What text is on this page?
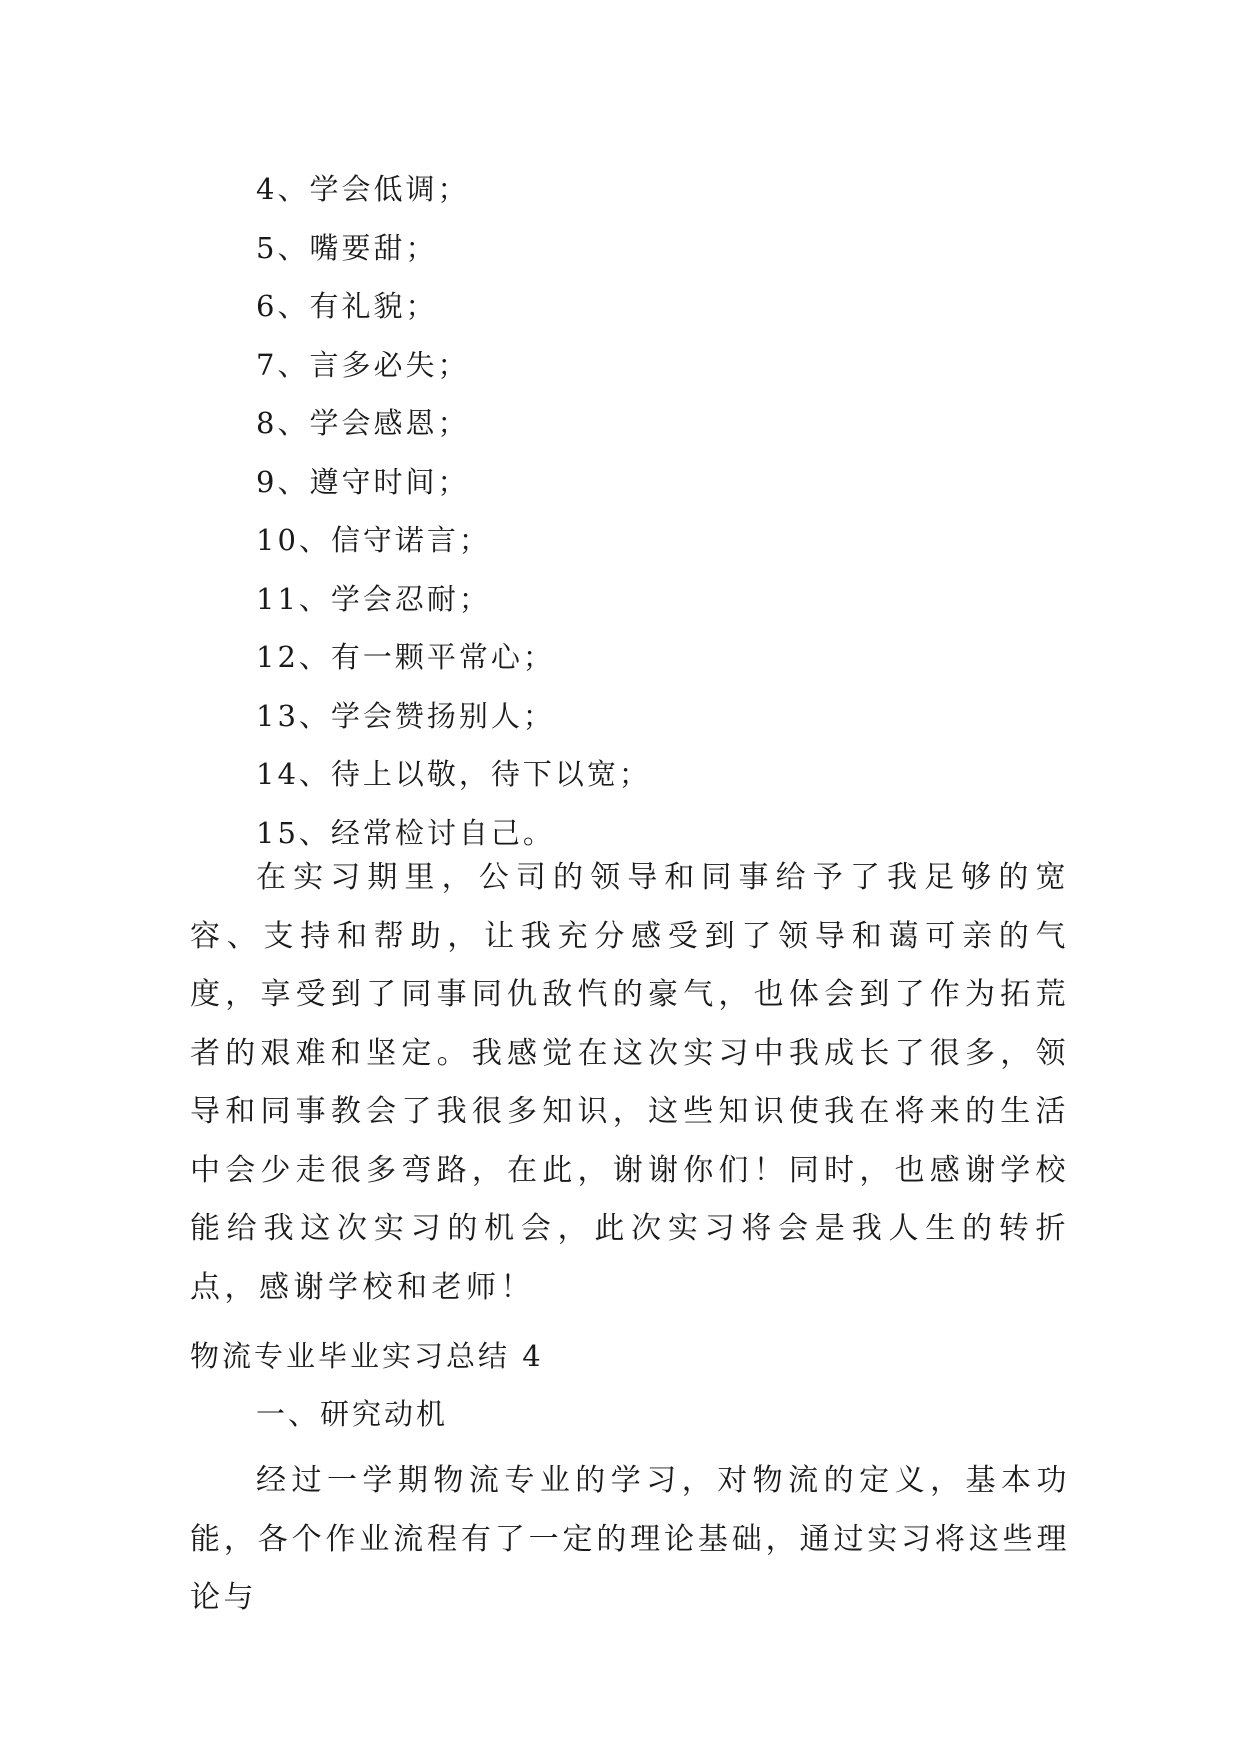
4、学会低调；
5、嘴要甜；
6、有礼貌；
7、言多必失；
8、学会感恩；
9、遵守时间；
10、信守诺言；
11、学会忍耐；
12、有一颗平常心；
13、学会赞扬别人；
14、待上以敬，待下以宽；
15、经常检讨自己。

在实习期里，公司的领导和同事给予了我足够的宽容、支持和帮助，让我充分感受到了领导和蔼可亲的气度，享受到了同事同仇敌忾的豪气，也体会到了作为拓荒者的艰难和坚定。我感觉在这次实习中我成长了很多，领导和同事教会了我很多知识，这些知识使我在将来的生活中会少走很多弯路，在此，谢谢你们！同时，也感谢学校能给我这次实习的机会，此次实习将会是我人生的转折点，感谢学校和老师！

物流专业毕业实习总结 4
一、研究动机

经过一学期物流专业的学习，对物流的定义，基本功能，各个作业流程有了一定的理论基础，通过实习将这些理论与
